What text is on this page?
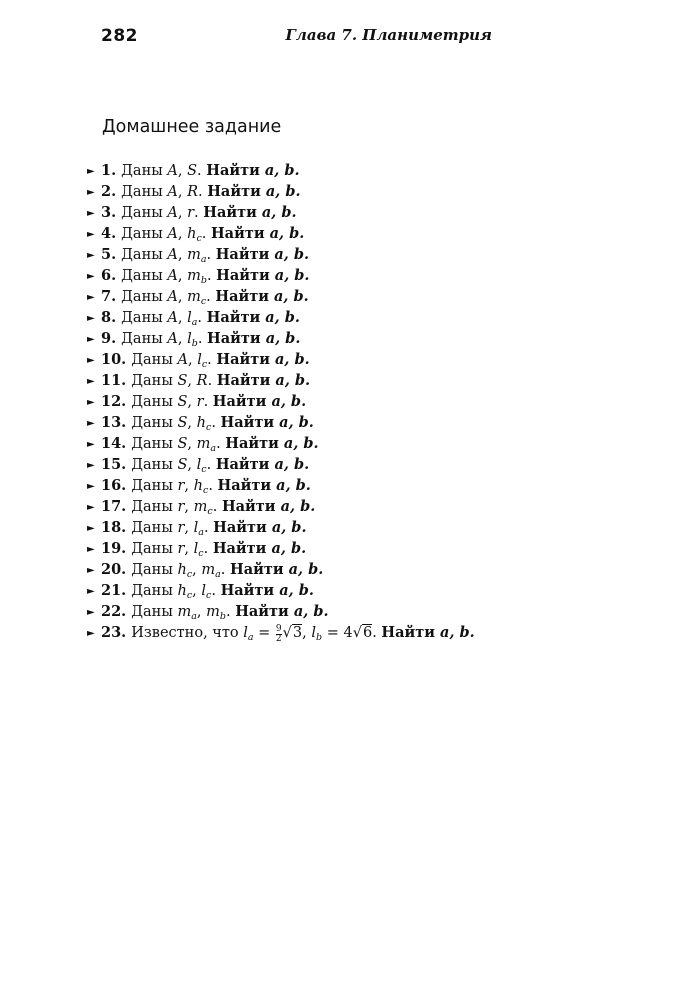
282	Глава 7. Планиметрия
Домашнее задание
► 1. Даны A, S. Найти a, b.
► 2. Даны A, R. Найти a, b.
► 3. Даны A, r. Найти a, b.
► 4. Даны A, $h_c$. Найти a, b.
► 5. Даны A, $m_a$. Найти a, b.
► 6. Даны A, $m_b$. Найти a, b.
► 7. Даны A, $m_c$. Найти a, b.
► 8. Даны A, $l_a$. Найти a, b.
► 9. Даны A, $l_b$. Найти a, b.
► 10. Даны A, $l_c$. Найти a, b.
► 11. Даны S, R. Найти a, b.
► 12. Даны S, r. Найти a, b.
► 13. Даны S, $h_c$. Найти a, b.
► 14. Даны S, $m_a$. Найти a, b.
► 15. Даны S, $l_c$. Найти a, b.
► 16. Даны r, $h_c$. Найти a, b.
► 17. Даны r, $m_c$. Найти a, b.
► 18. Даны r, $l_a$. Найти a, b.
► 19. Даны r, $l_c$. Найти a, b.
► 20. Даны $h_c$, $m_a$. Найти a, b.
► 21. Даны $h_c$, $l_c$. Найти a, b.
► 22. Даны $m_a$, $m_b$. Найти a, b.
► 23. Известно, что $l_a = \frac{9}{2} √3$, $l_b = 4√6$. Найти a, b.
